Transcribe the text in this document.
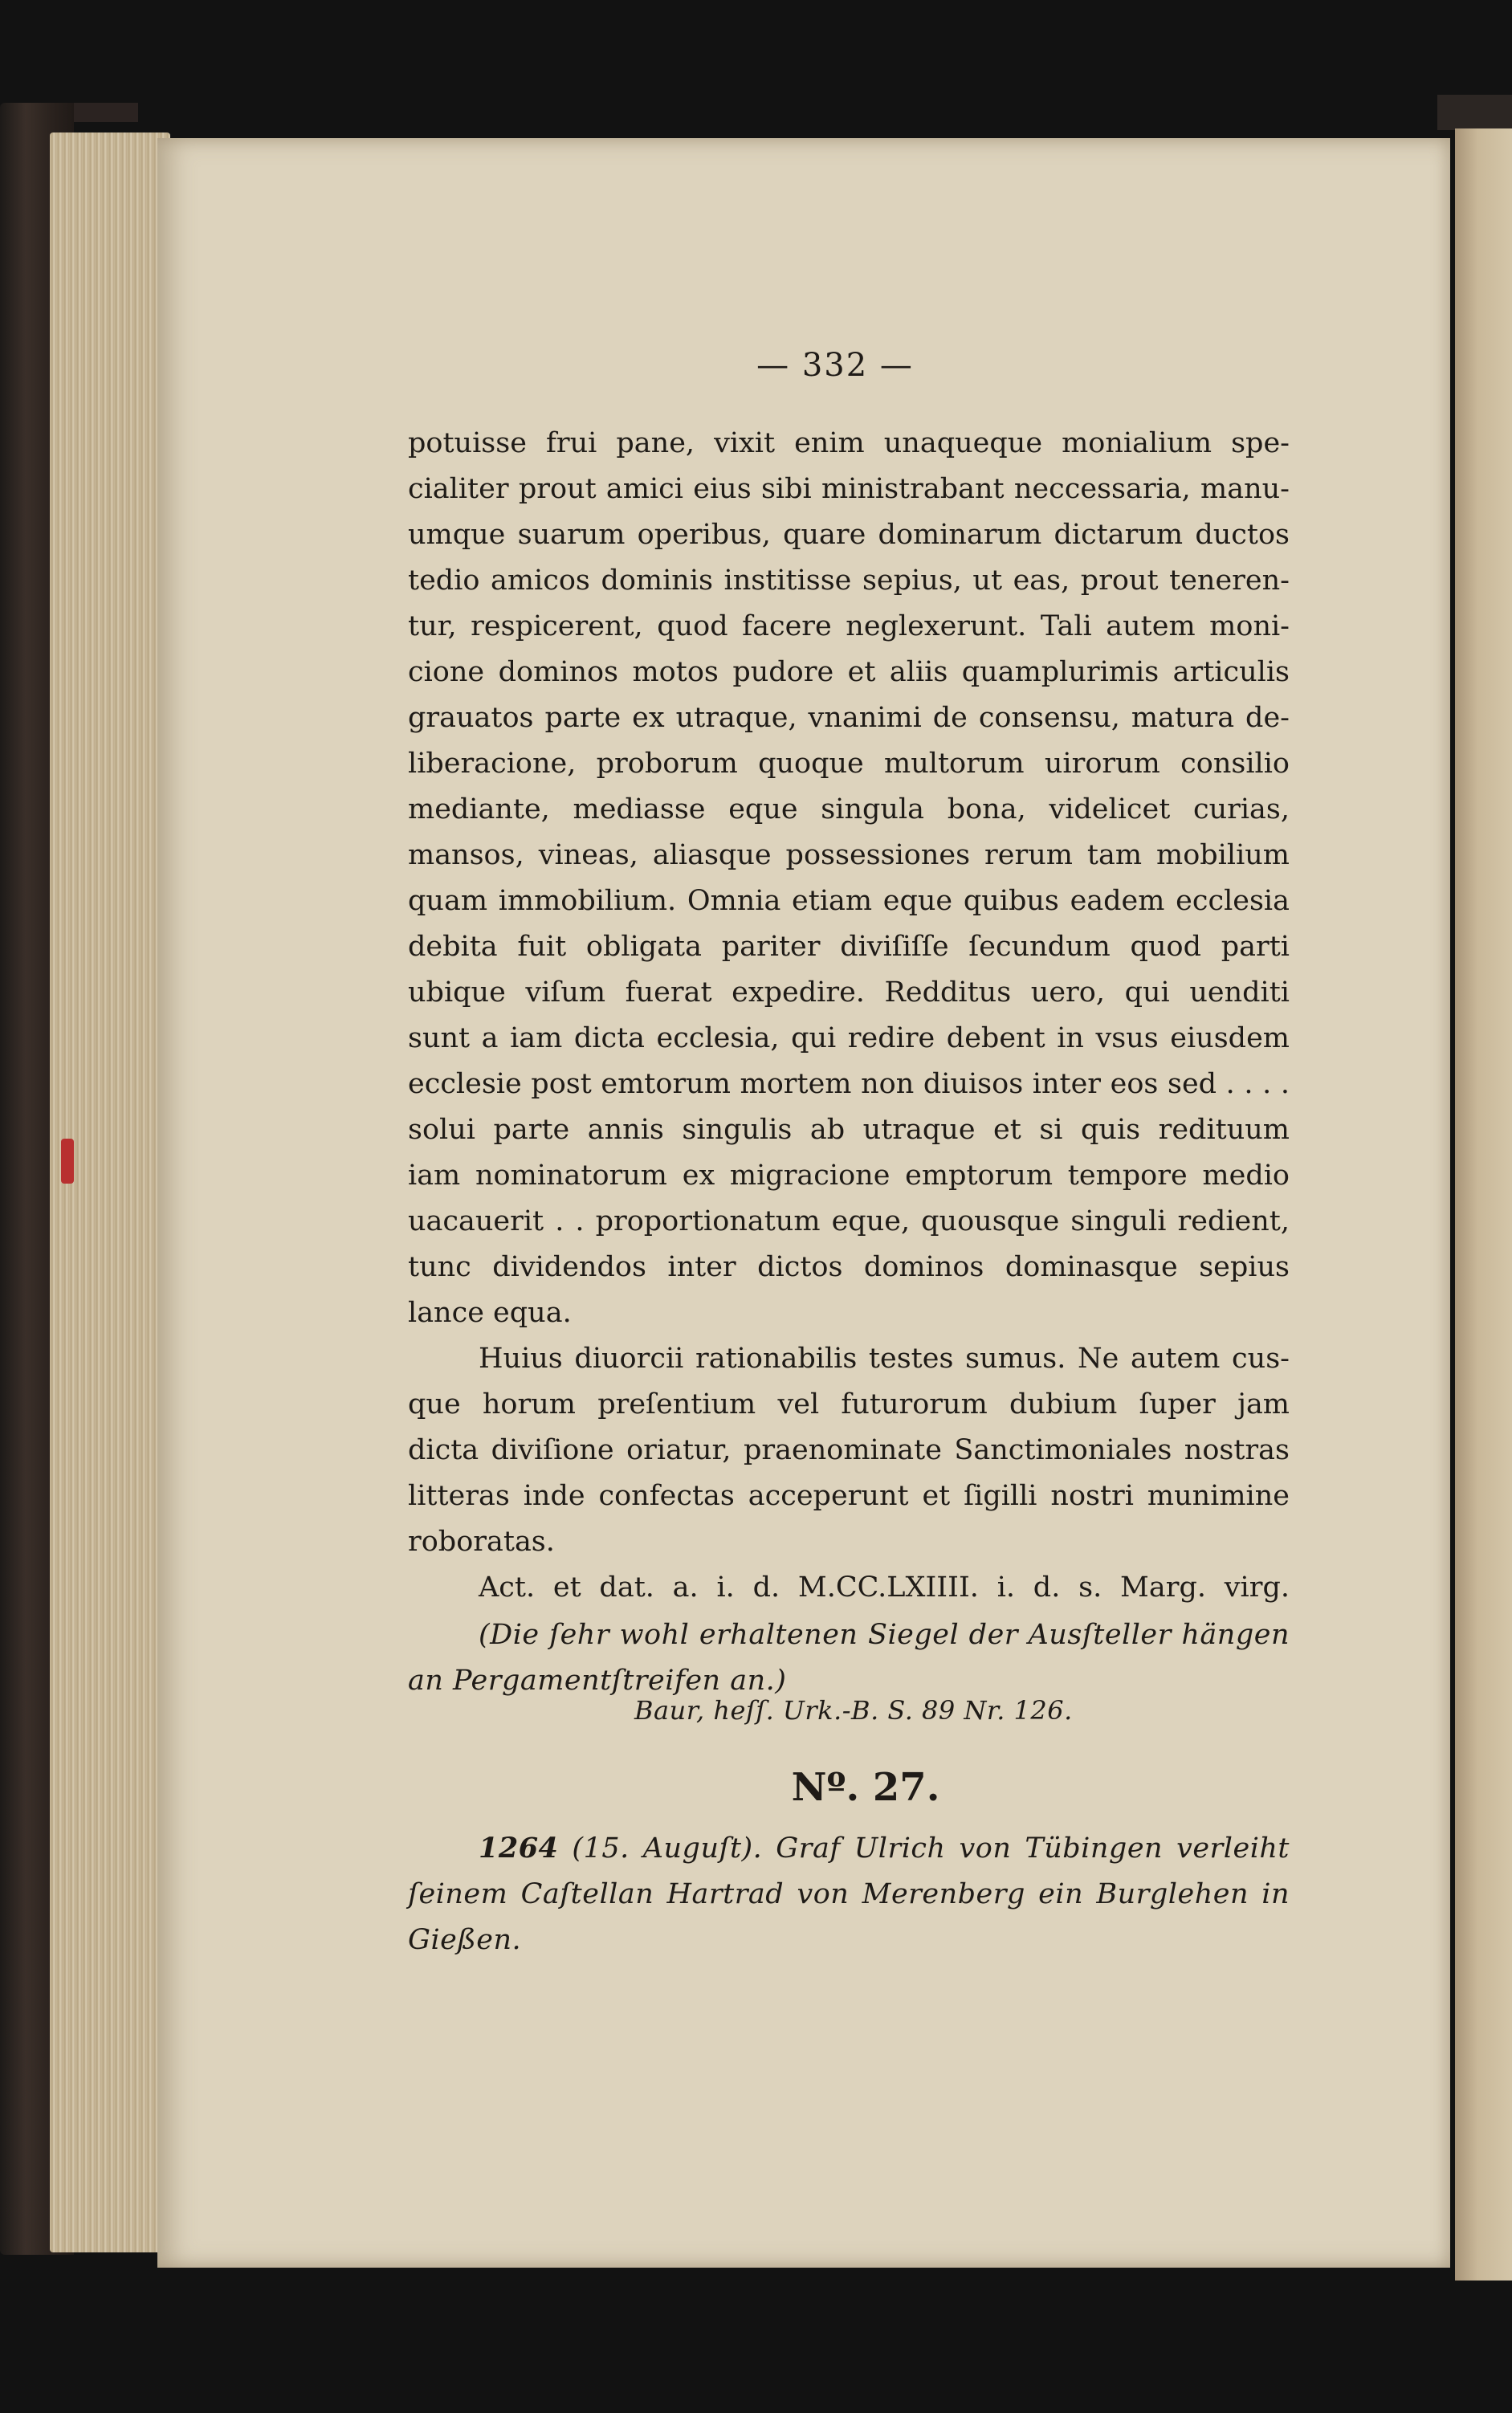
— 332 —
potuisse frui pane, vixit enim unaqueque monialium spe-
cialiter prout amici eius sibi ministrabant neccessaria, manu-
umque suarum operibus, quare dominarum dictarum ductos
tedio amicos dominis institisse sepius, ut eas, prout teneren-
tur, respicerent, quod facere neglexerunt. Tali autem moni-
cione dominos motos pudore et aliis quamplurimis articulis
grauatos parte ex utraque, vnanimi de consensu, matura de-
liberacione, proborum quoque multorum uirorum consilio
mediante, mediasse eque singula bona, videlicet curias,
mansos, vineas, aliasque possessiones rerum tam mobilium
quam immobilium. Omnia etiam eque quibus eadem ecclesia
debita fuit obligata pariter diviſiſſe ſecundum quod parti
ubique viſum fuerat expedire. Redditus uero, qui uenditi
sunt a iam dicta ecclesia, qui redire debent in vsus eiusdem
ecclesie post emtorum mortem non diuisos inter eos sed . . . .
solui parte annis singulis ab utraque et si quis redituum
iam nominatorum ex migracione emptorum tempore medio
uacauerit . . proportionatum eque, quousque singuli redient,
tunc dividendos inter dictos dominos dominasque sepius
lance equa.
Huius diuorcii rationabilis testes sumus. Ne autem cus-
que horum preſentium vel futurorum dubium ſuper jam
dicta diviſione oriatur, praenominate Sanctimoniales nostras
litteras inde confectas acceperunt et ſigilli nostri munimine
roboratas.
Act. et dat. a. i. d. M.CC.LXIIII. i. d. s. Marg. virg.
(Die ſehr wohl erhaltenen Siegel der Ausſteller hängen
an Pergamentſtreifen an.)
Baur, heſſ. Urk.-B. S. 89 Nr. 126.
Nº. 27.
1264 (15. Auguſt). Graf Ulrich von Tübingen verleiht
ſeinem Caſtellan Hartrad von Merenberg ein Burglehen in
Gießen.
